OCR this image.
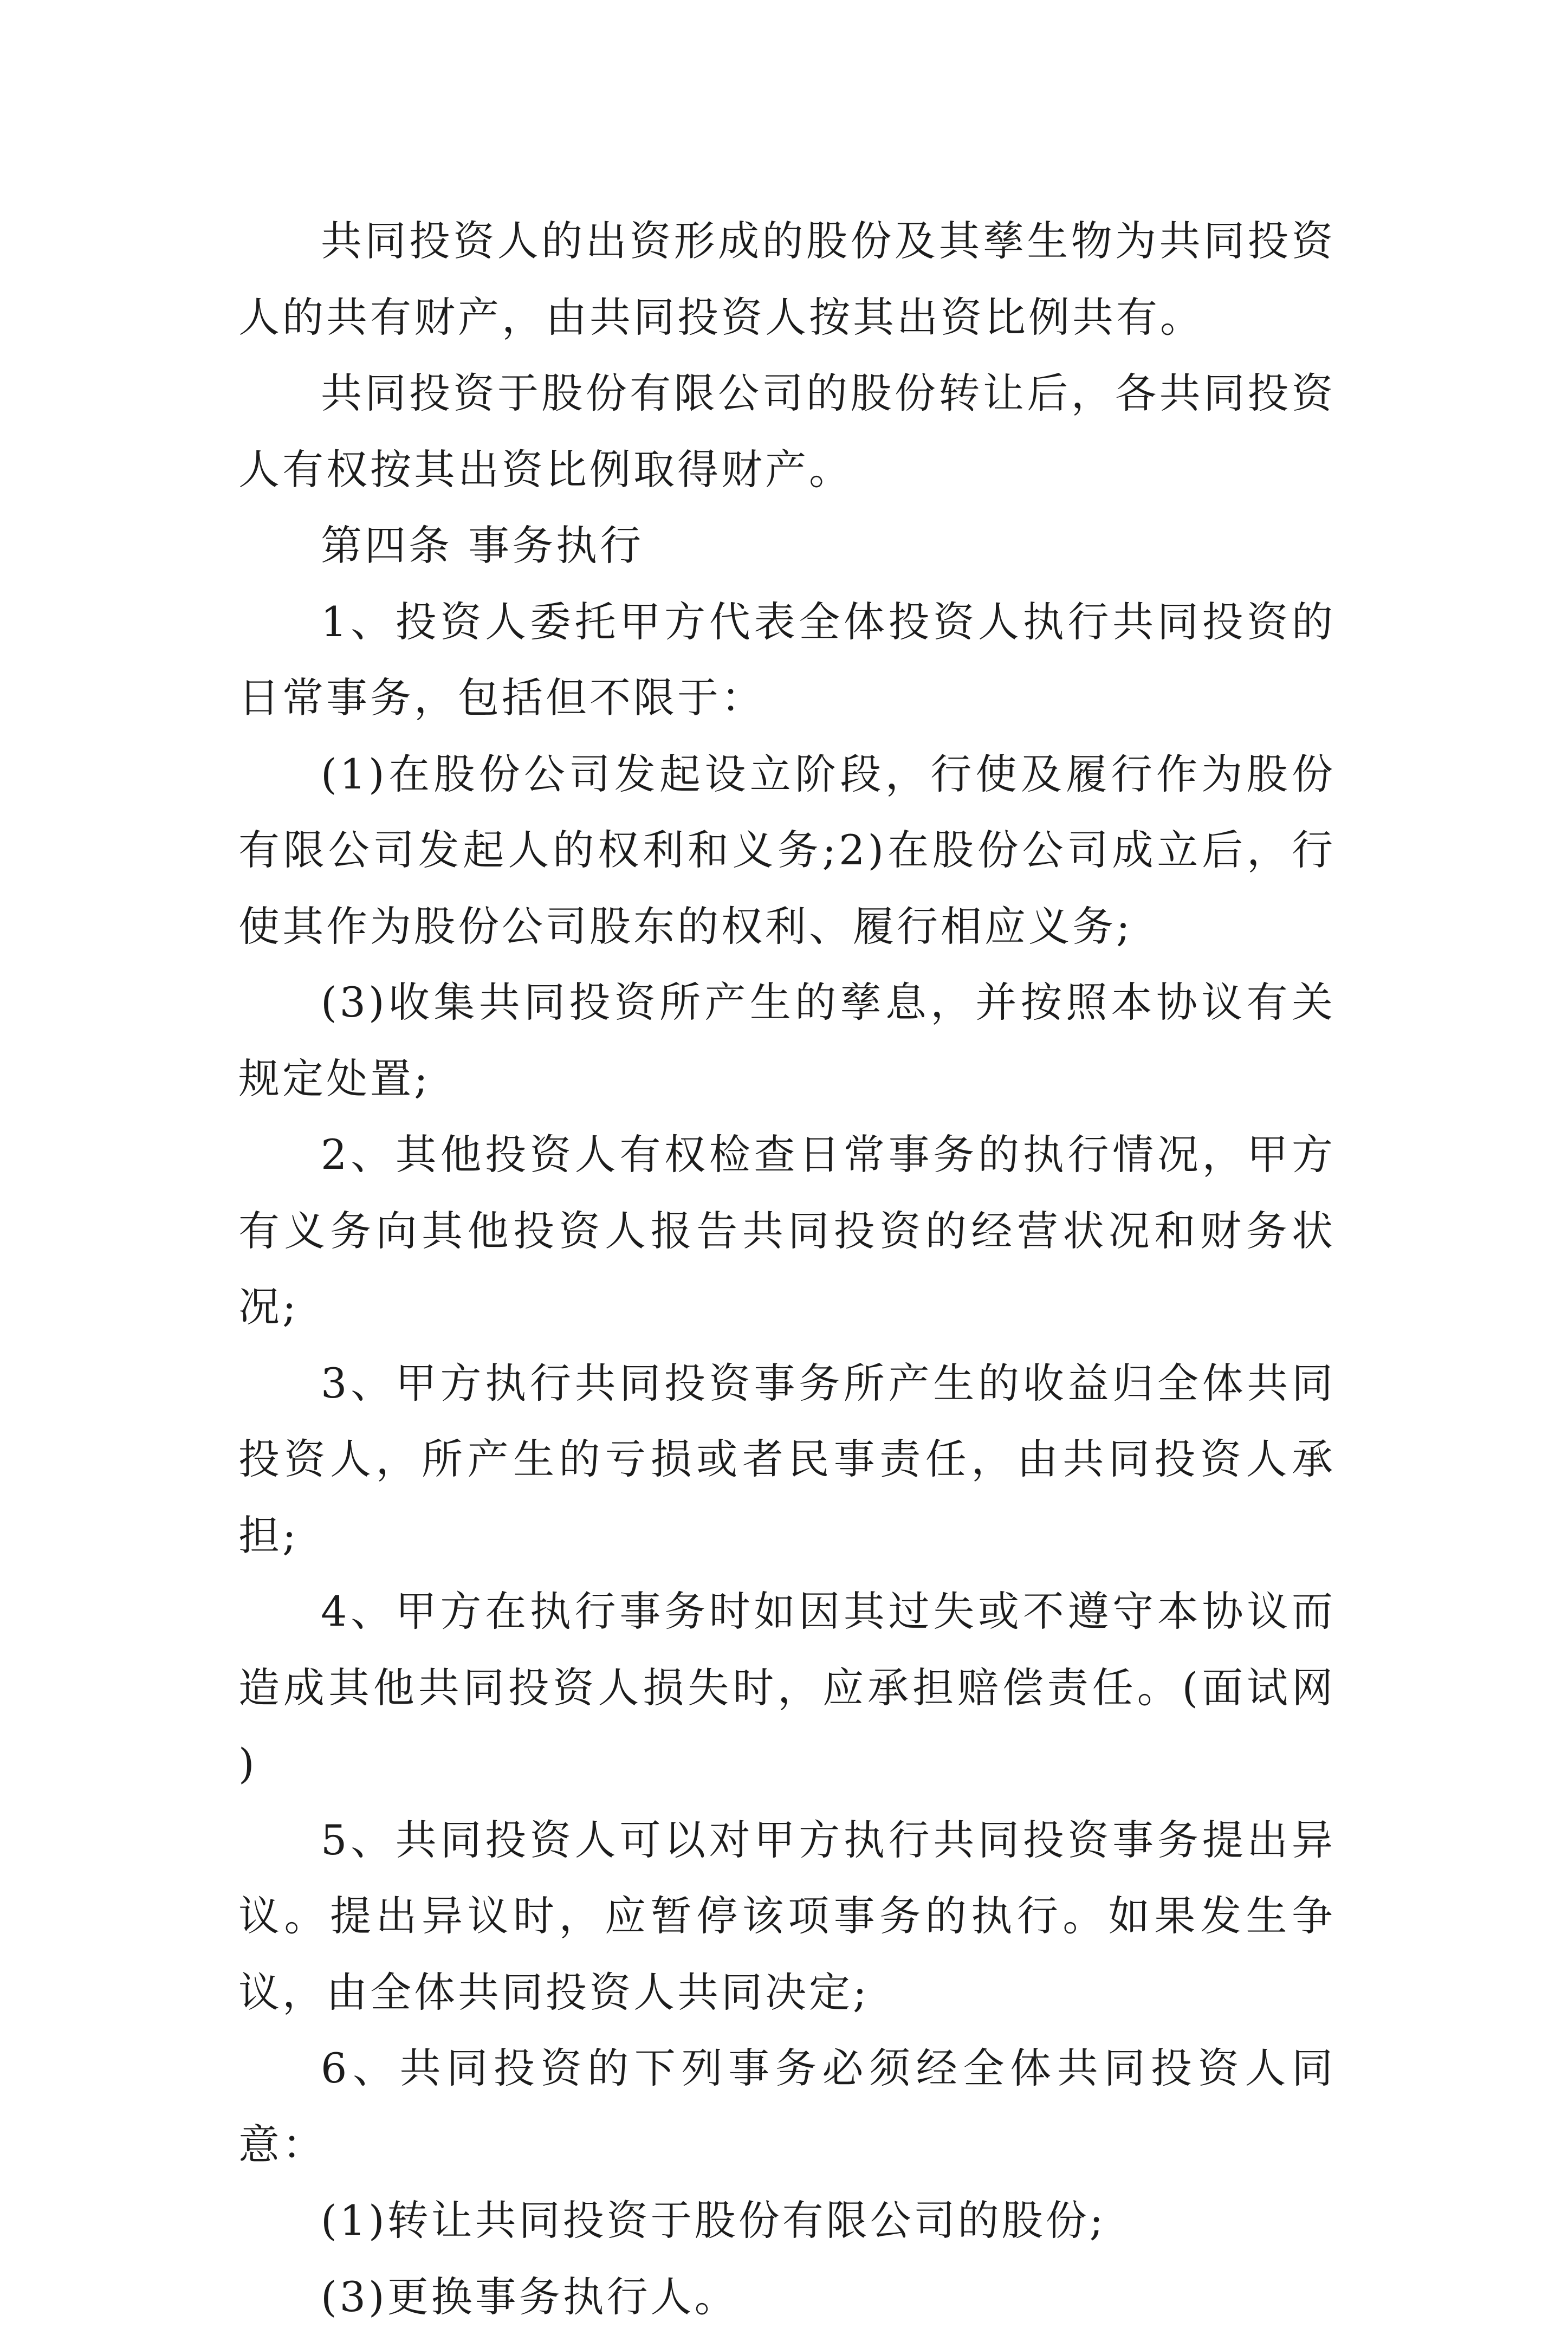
共同投资人的出资形成的股份及其孳生物为共同投资人的共有财产，由共同投资人按其出资比例共有。

共同投资于股份有限公司的股份转让后，各共同投资人有权按其出资比例取得财产。

第四条 事务执行

1、投资人委托甲方代表全体投资人执行共同投资的日常事务，包括但不限于：

(1)在股份公司发起设立阶段，行使及履行作为股份有限公司发起人的权利和义务;2)在股份公司成立后，行使其作为股份公司股东的权利、履行相应义务;

(3)收集共同投资所产生的孳息，并按照本协议有关规定处置;

2、其他投资人有权检查日常事务的执行情况，甲方有义务向其他投资人报告共同投资的经营状况和财务状况;

3、甲方执行共同投资事务所产生的收益归全体共同投资人，所产生的亏损或者民事责任，由共同投资人承担;

4、甲方在执行事务时如因其过失或不遵守本协议而造成其他共同投资人损失时，应承担赔偿责任。(面试网 )

5、共同投资人可以对甲方执行共同投资事务提出异议。提出异议时，应暂停该项事务的执行。如果发生争议，由全体共同投资人共同决定;

6、共同投资的下列事务必须经全体共同投资人同意：

(1)转让共同投资于股份有限公司的股份;

(3)更换事务执行人。
